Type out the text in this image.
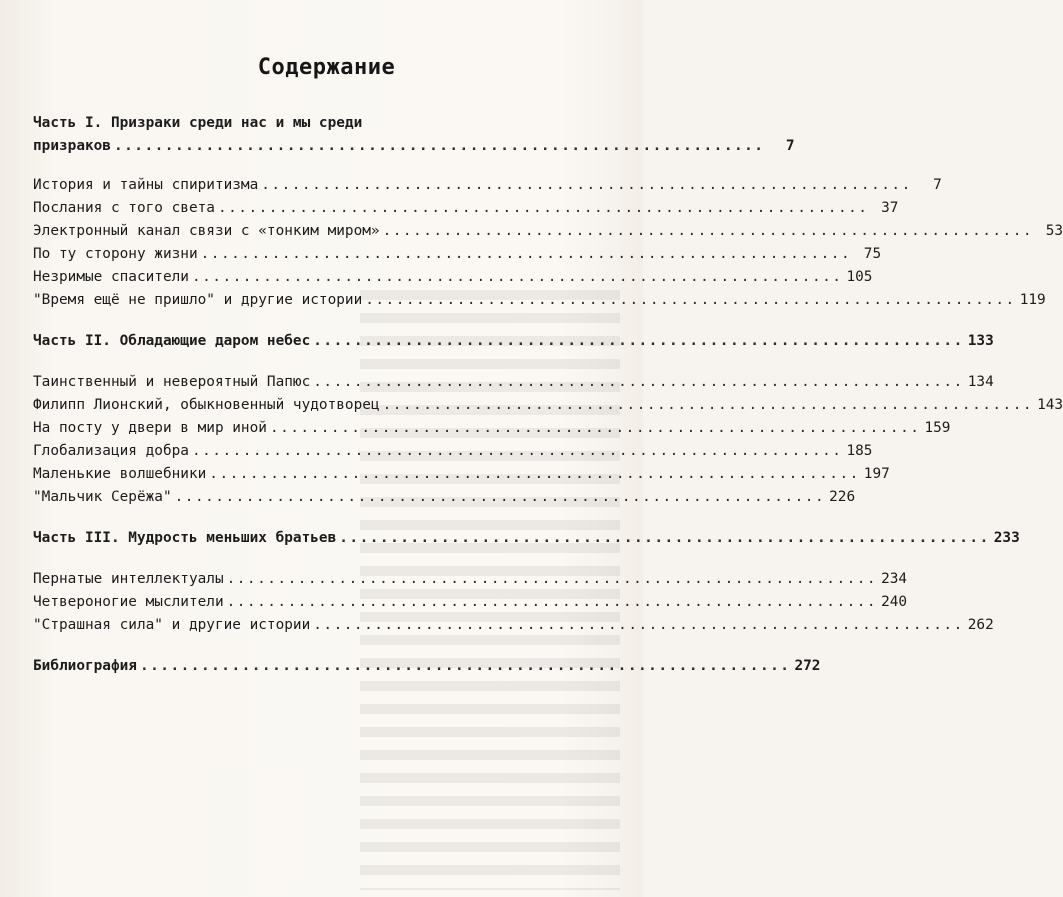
Содержание
Часть I. Призраки среди нас и мы среди
призраков ................................................................	7
История и тайны спиритизма ................................................................	7
Послания с того света ................................................................ 37
Электронный канал связи с «тонким миром» ................................................................ 53
По ту сторону жизни ................................................................ 75
Незримые спасители ................................................................ 105
"Время ещё не пришло" и другие истории ................................................................ 119
Часть II. Обладающие даром небес ................................................................ 133
Таинственный и невероятный Папюс ................................................................ 134
Филипп Лионский, обыкновенный чудотворец ................................................................ 143
На посту у двери в мир иной ................................................................ 159
Глобализация добра ................................................................ 185
Маленькие волшебники ................................................................ 197
"Мальчик Серёжа" ................................................................ 226
Часть III. Мудрость меньших братьев ................................................................ 233
Пернатые интеллектуалы ................................................................ 234
Четвероногие мыслители ................................................................ 240
"Страшная сила" и другие истории ................................................................ 262
Библиография ................................................................ 272
